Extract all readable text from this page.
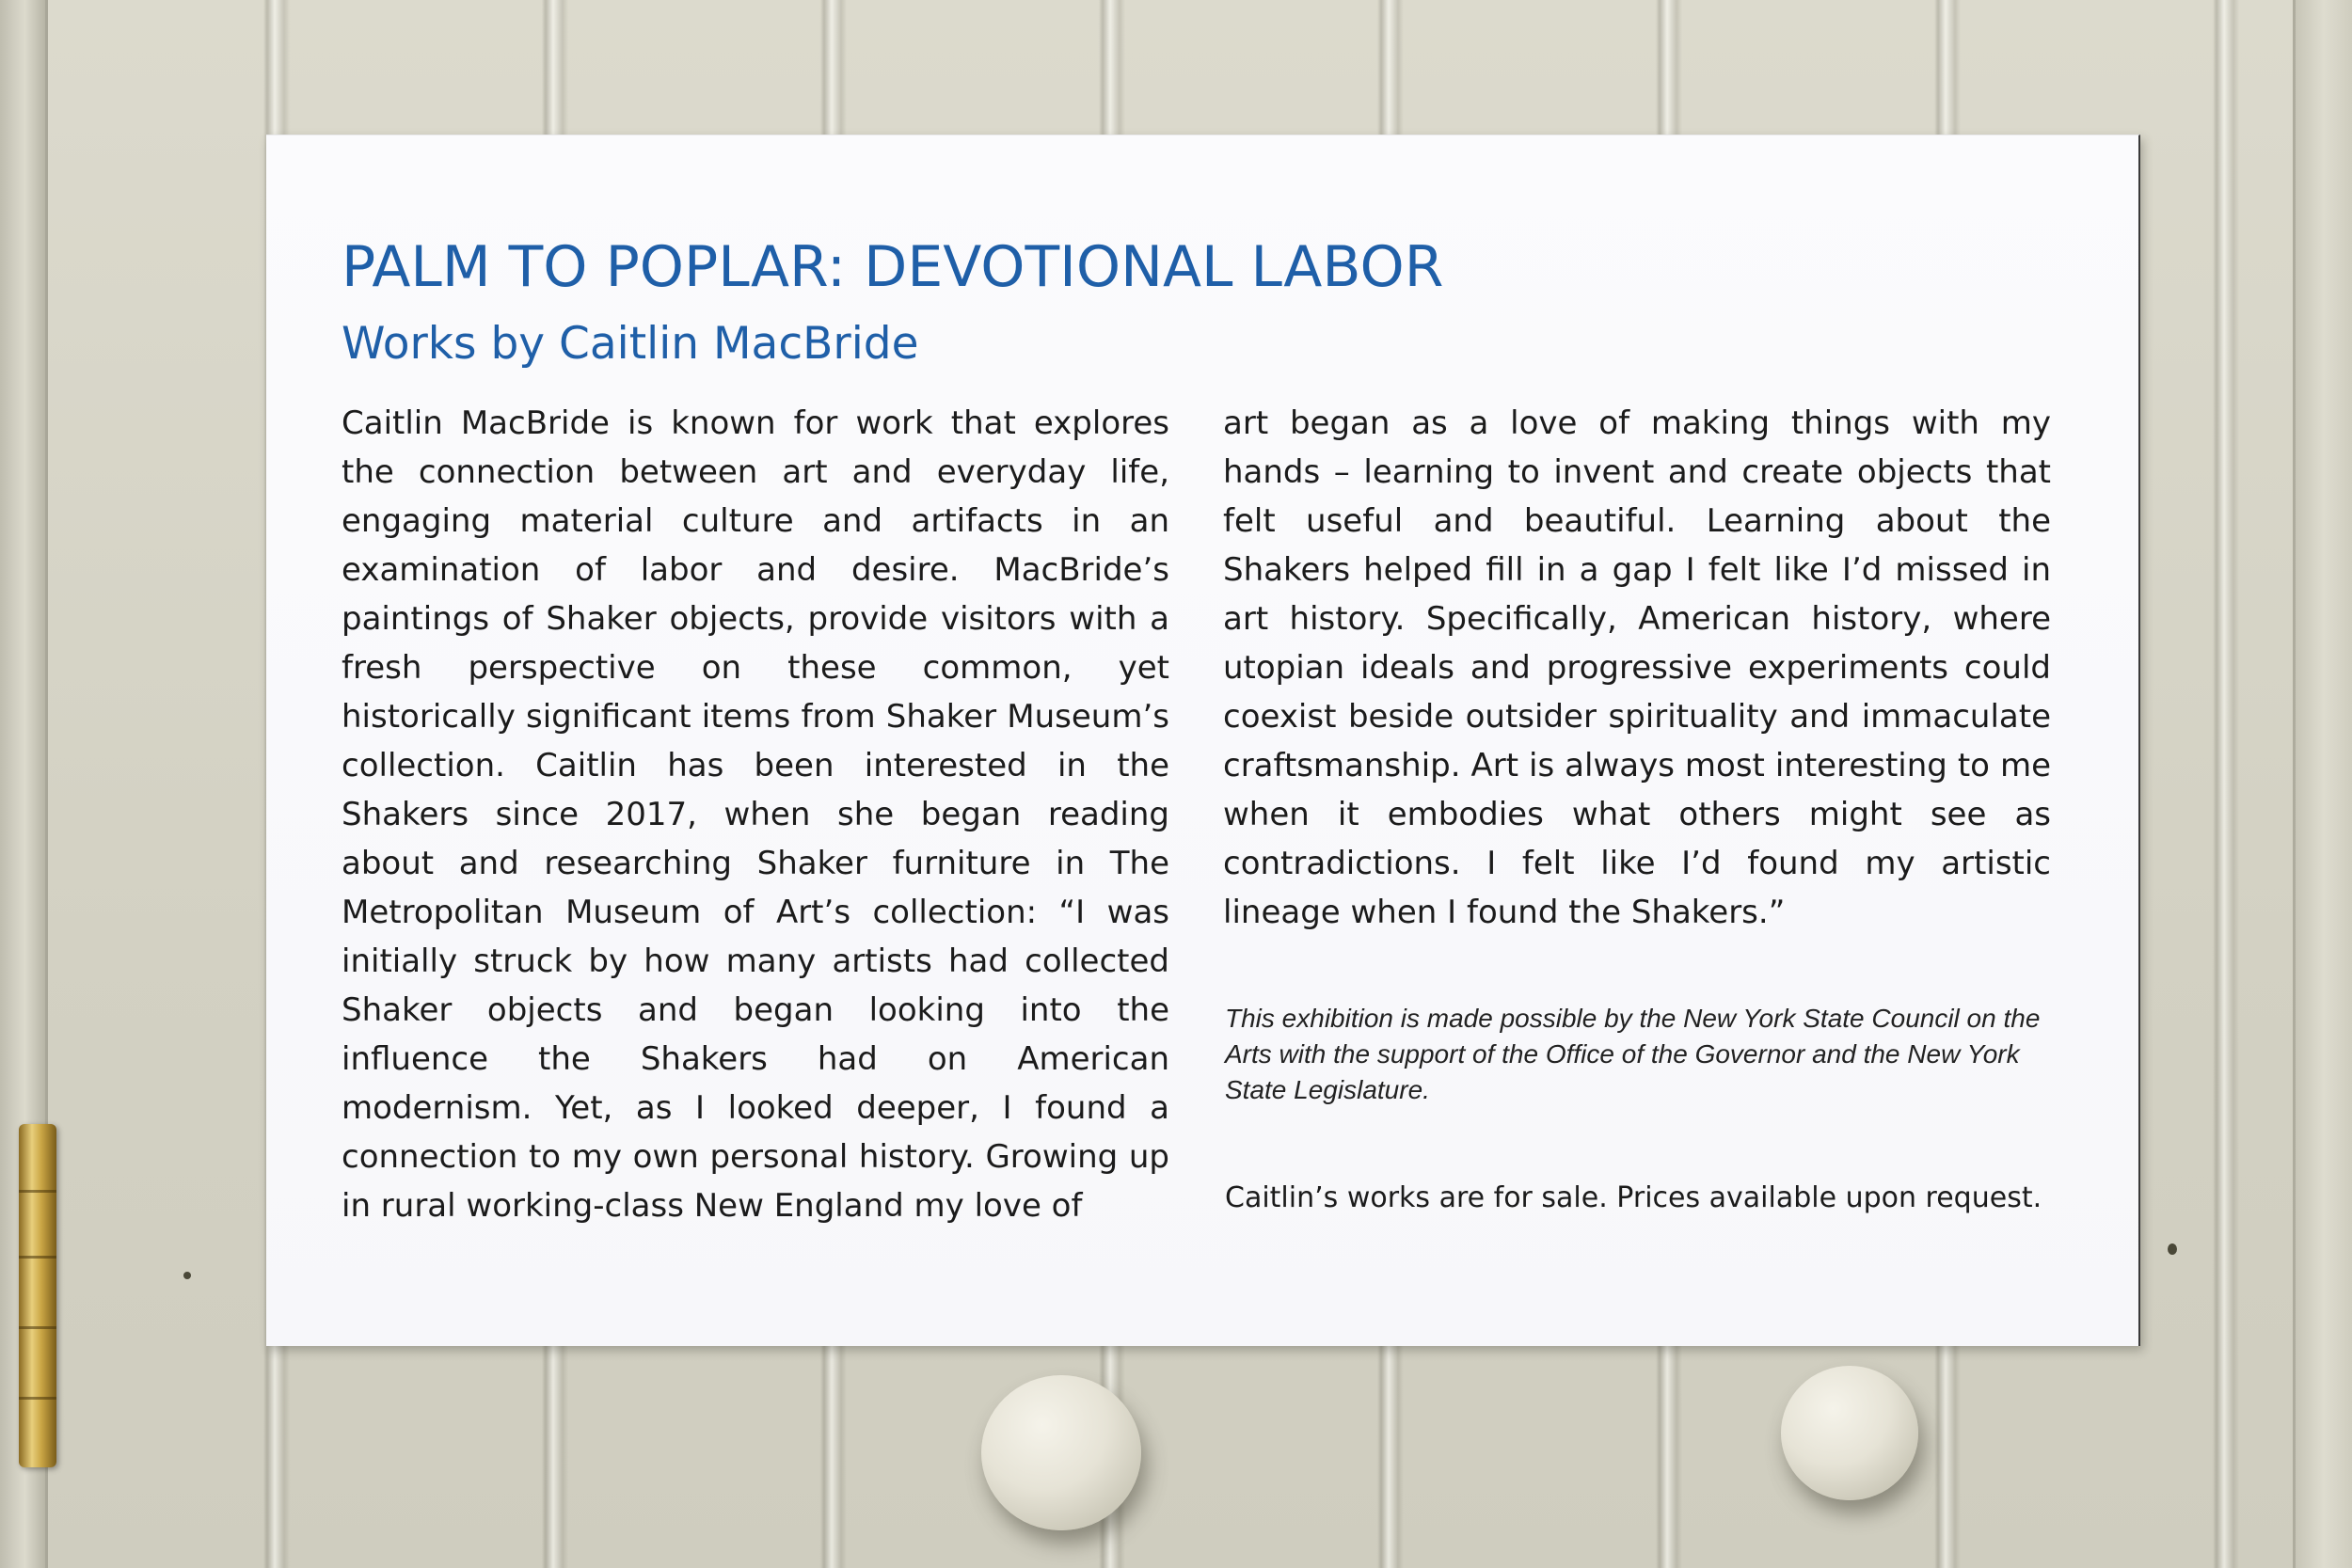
PALM TO POPLAR: DEVOTIONAL LABOR
Works by Caitlin MacBride

Caitlin MacBride is known for work that explores the connection between art and everyday life, engaging material culture and artifacts in an examination of labor and desire. MacBride’s paintings of Shaker objects, provide visitors with a fresh perspective on these common, yet historically significant items from Shaker Museum’s collection. Caitlin has been interested in the Shakers since 2017, when she began reading about and researching Shaker furniture in The Metropolitan Museum of Art’s collection: “I was initially struck by how many artists had collected Shaker objects and began looking into the influence the Shakers had on American modernism. Yet, as I looked deeper, I found a connection to my own personal history. Growing up in rural working-class New England my love of

art began as a love of making things with my hands – learning to invent and create objects that felt useful and beautiful. Learning about the Shakers helped fill in a gap I felt like I’d missed in art history. Specifically, American history, where utopian ideals and progressive experiments could coexist beside outsider spirituality and immaculate craftsmanship. Art is always most interesting to me when it embodies what others might see as contradictions. I felt like I’d found my artistic lineage when I found the Shakers.”

This exhibition is made possible by the New York State Council on the Arts with the support of the Office of the Governor and the New York State Legislature.

Caitlin’s works are for sale. Prices available upon request.
